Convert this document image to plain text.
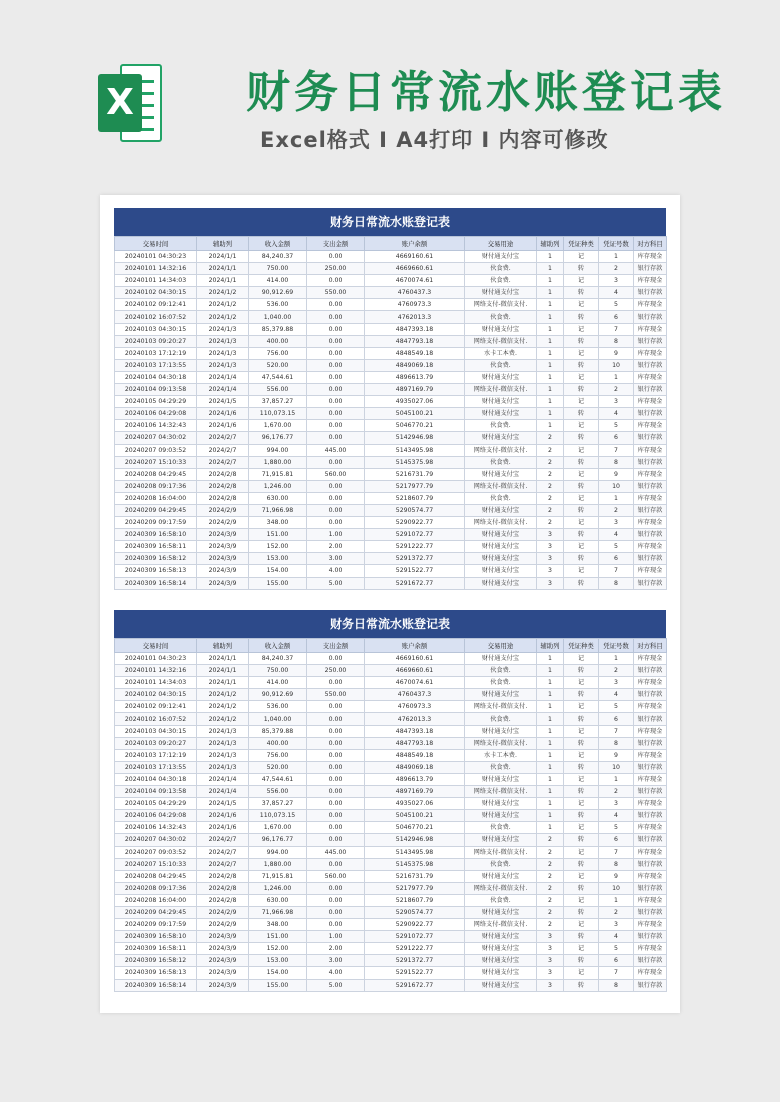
X	财务日常流水账登记表
Excel格式 I A4打印 I 内容可修改
财务日常流水账登记表
交易时间	辅助列	收入金额	支出金额	账户余额	交易用途	辅助列	凭证种类	凭证号数	对方科目
20240101 04:30:23	2024/1/1	84,240.37	0.00	4669160.61	财付通支付宝	1	记	1	库存现金
20240101 14:32:16	2024/1/1	750.00	250.00	4669660.61	伙食费.	1	转	2	银行存款
20240101 14:34:03	2024/1/1	414.00	0.00	4670074.61	伙食费.	1	记	3	库存现金
20240102 04:30:15	2024/1/2	90,912.69	550.00	4760437.3	财付通支付宝	1	转	4	银行存款
20240102 09:12:41	2024/1/2	536.00	0.00	4760973.3	网络支付-微信支付.	1	记	5	库存现金
20240102 16:07:52	2024/1/2	1,040.00	0.00	4762013.3	伙食费.	1	转	6	银行存款
20240103 04:30:15	2024/1/3	85,379.88	0.00	4847393.18	财付通支付宝	1	记	7	库存现金
20240103 09:20:27	2024/1/3	400.00	0.00	4847793.18	网络支付-微信支付.	1	转	8	银行存款
20240103 17:12:19	2024/1/3	756.00	0.00	4848549.18	水卡工本费.	1	记	9	库存现金
20240103 17:13:55	2024/1/3	520.00	0.00	4849069.18	伙食费.	1	转	10	银行存款
20240104 04:30:18	2024/1/4	47,544.61	0.00	4896613.79	财付通支付宝	1	记	1	库存现金
20240104 09:13:58	2024/1/4	556.00	0.00	4897169.79	网络支付-微信支付.	1	转	2	银行存款
20240105 04:29:29	2024/1/5	37,857.27	0.00	4935027.06	财付通支付宝	1	记	3	库存现金
20240106 04:29:08	2024/1/6	110,073.15	0.00	5045100.21	财付通支付宝	1	转	4	银行存款
20240106 14:32:43	2024/1/6	1,670.00	0.00	5046770.21	伙食费.	1	记	5	库存现金
20240207 04:30:02	2024/2/7	96,176.77	0.00	5142946.98	财付通支付宝	2	转	6	银行存款
20240207 09:03:52	2024/2/7	994.00	445.00	5143495.98	网络支付-微信支付.	2	记	7	库存现金
20240207 15:10:33	2024/2/7	1,880.00	0.00	5145375.98	伙食费.	2	转	8	银行存款
20240208 04:29:45	2024/2/8	71,915.81	560.00	5216731.79	财付通支付宝	2	记	9	库存现金
20240208 09:17:36	2024/2/8	1,246.00	0.00	5217977.79	网络支付-微信支付.	2	转	10	银行存款
20240208 16:04:00	2024/2/8	630.00	0.00	5218607.79	伙食费.	2	记	1	库存现金
20240209 04:29:45	2024/2/9	71,966.98	0.00	5290574.77	财付通支付宝	2	转	2	银行存款
20240209 09:17:59	2024/2/9	348.00	0.00	5290922.77	网络支付-微信支付.	2	记	3	库存现金
20240309 16:58:10	2024/3/9	151.00	1.00	5291072.77	财付通支付宝	3	转	4	银行存款
20240309 16:58:11	2024/3/9	152.00	2.00	5291222.77	财付通支付宝	3	记	5	库存现金
20240309 16:58:12	2024/3/9	153.00	3.00	5291372.77	财付通支付宝	3	转	6	银行存款
20240309 16:58:13	2024/3/9	154.00	4.00	5291522.77	财付通支付宝	3	记	7	库存现金
20240309 16:58:14	2024/3/9	155.00	5.00	5291672.77	财付通支付宝	3	转	8	银行存款
财务日常流水账登记表
交易时间	辅助列	收入金额	支出金额	账户余额	交易用途	辅助列	凭证种类	凭证号数	对方科目
20240101 04:30:23	2024/1/1	84,240.37	0.00	4669160.61	财付通支付宝	1	记	1	库存现金
20240101 14:32:16	2024/1/1	750.00	250.00	4669660.61	伙食费.	1	转	2	银行存款
20240101 14:34:03	2024/1/1	414.00	0.00	4670074.61	伙食费.	1	记	3	库存现金
20240102 04:30:15	2024/1/2	90,912.69	550.00	4760437.3	财付通支付宝	1	转	4	银行存款
20240102 09:12:41	2024/1/2	536.00	0.00	4760973.3	网络支付-微信支付.	1	记	5	库存现金
20240102 16:07:52	2024/1/2	1,040.00	0.00	4762013.3	伙食费.	1	转	6	银行存款
20240103 04:30:15	2024/1/3	85,379.88	0.00	4847393.18	财付通支付宝	1	记	7	库存现金
20240103 09:20:27	2024/1/3	400.00	0.00	4847793.18	网络支付-微信支付.	1	转	8	银行存款
20240103 17:12:19	2024/1/3	756.00	0.00	4848549.18	水卡工本费.	1	记	9	库存现金
20240103 17:13:55	2024/1/3	520.00	0.00	4849069.18	伙食费.	1	转	10	银行存款
20240104 04:30:18	2024/1/4	47,544.61	0.00	4896613.79	财付通支付宝	1	记	1	库存现金
20240104 09:13:58	2024/1/4	556.00	0.00	4897169.79	网络支付-微信支付.	1	转	2	银行存款
20240105 04:29:29	2024/1/5	37,857.27	0.00	4935027.06	财付通支付宝	1	记	3	库存现金
20240106 04:29:08	2024/1/6	110,073.15	0.00	5045100.21	财付通支付宝	1	转	4	银行存款
20240106 14:32:43	2024/1/6	1,670.00	0.00	5046770.21	伙食费.	1	记	5	库存现金
20240207 04:30:02	2024/2/7	96,176.77	0.00	5142946.98	财付通支付宝	2	转	6	银行存款
20240207 09:03:52	2024/2/7	994.00	445.00	5143495.98	网络支付-微信支付.	2	记	7	库存现金
20240207 15:10:33	2024/2/7	1,880.00	0.00	5145375.98	伙食费.	2	转	8	银行存款
20240208 04:29:45	2024/2/8	71,915.81	560.00	5216731.79	财付通支付宝	2	记	9	库存现金
20240208 09:17:36	2024/2/8	1,246.00	0.00	5217977.79	网络支付-微信支付.	2	转	10	银行存款
20240208 16:04:00	2024/2/8	630.00	0.00	5218607.79	伙食费.	2	记	1	库存现金
20240209 04:29:45	2024/2/9	71,966.98	0.00	5290574.77	财付通支付宝	2	转	2	银行存款
20240209 09:17:59	2024/2/9	348.00	0.00	5290922.77	网络支付-微信支付.	2	记	3	库存现金
20240309 16:58:10	2024/3/9	151.00	1.00	5291072.77	财付通支付宝	3	转	4	银行存款
20240309 16:58:11	2024/3/9	152.00	2.00	5291222.77	财付通支付宝	3	记	5	库存现金
20240309 16:58:12	2024/3/9	153.00	3.00	5291372.77	财付通支付宝	3	转	6	银行存款
20240309 16:58:13	2024/3/9	154.00	4.00	5291522.77	财付通支付宝	3	记	7	库存现金
20240309 16:58:14	2024/3/9	155.00	5.00	5291672.77	财付通支付宝	3	转	8	银行存款
